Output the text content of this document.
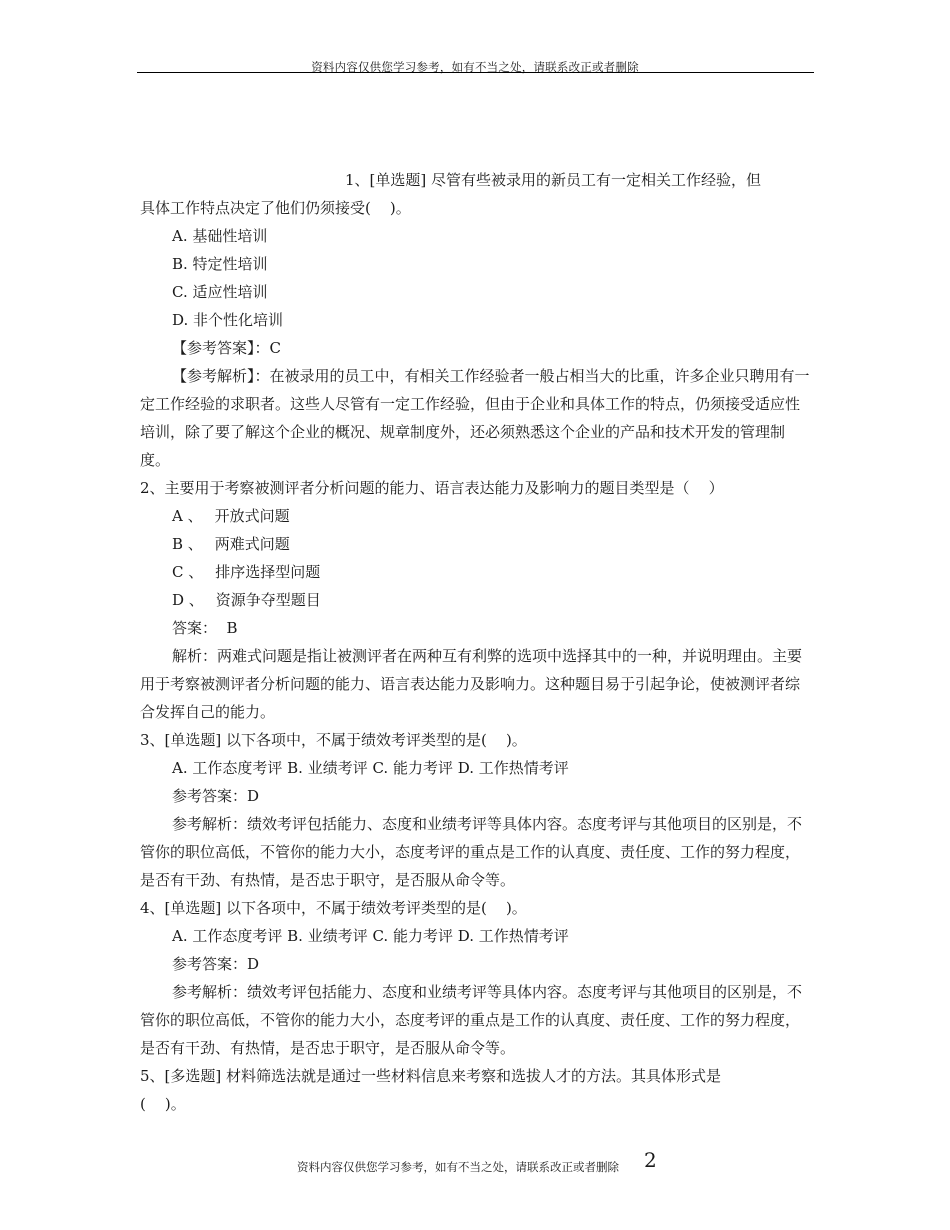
资料内容仅供您学习参考，如有不当之处，请联系改正或者删除

1、[单选题] 尽管有些被录用的新员工有一定相关工作经验，但

具体工作特点决定了他们仍须接受(    )。

A. 基础性培训

B. 特定性培训

C. 适应性培训

D. 非个性化培训

【参考答案】：C

【参考解析】：在被录用的员工中，有相关工作经验者一般占相当大的比重，许多企业只聘用有一定工作经验的求职者。这些人尽管有一定工作经验，但由于企业和具体工作的特点，仍须接受适应性培训，除了要了解这个企业的概况、规章制度外，还必须熟悉这个企业的产品和技术开发的管理制度。

2、主要用于考察被测评者分析问题的能力、语言表达能力及影响力的题目类型是（    ）

A 、 开放式问题

B 、 两难式问题

C 、 排序选择型问题

D 、 资源争夺型题目

答案：  B

解析：两难式问题是指让被测评者在两种互有利弊的选项中选择其中的一种，并说明理由。主要用于考察被测评者分析问题的能力、语言表达能力及影响力。这种题目易于引起争论，使被测评者综合发挥自己的能力。

3、[单选题] 以下各项中，不属于绩效考评类型的是(    )。

A. 工作态度考评 B. 业绩考评 C. 能力考评 D. 工作热情考评

参考答案：D

参考解析：绩效考评包括能力、态度和业绩考评等具体内容。态度考评与其他项目的区别是，不管你的职位高低，不管你的能力大小，态度考评的重点是工作的认真度、责任度、工作的努力程度，是否有干劲、有热情，是否忠于职守，是否服从命令等。

4、[单选题] 以下各项中，不属于绩效考评类型的是(    )。

A. 工作态度考评 B. 业绩考评 C. 能力考评 D. 工作热情考评

参考答案：D

参考解析：绩效考评包括能力、态度和业绩考评等具体内容。态度考评与其他项目的区别是，不管你的职位高低，不管你的能力大小，态度考评的重点是工作的认真度、责任度、工作的努力程度，是否有干劲、有热情，是否忠于职守，是否服从命令等。

5、[多选题] 材料筛选法就是通过一些材料信息来考察和选拔人才的方法。其具体形式是

(    )。

资料内容仅供您学习参考，如有不当之处，请联系改正或者删除 2
